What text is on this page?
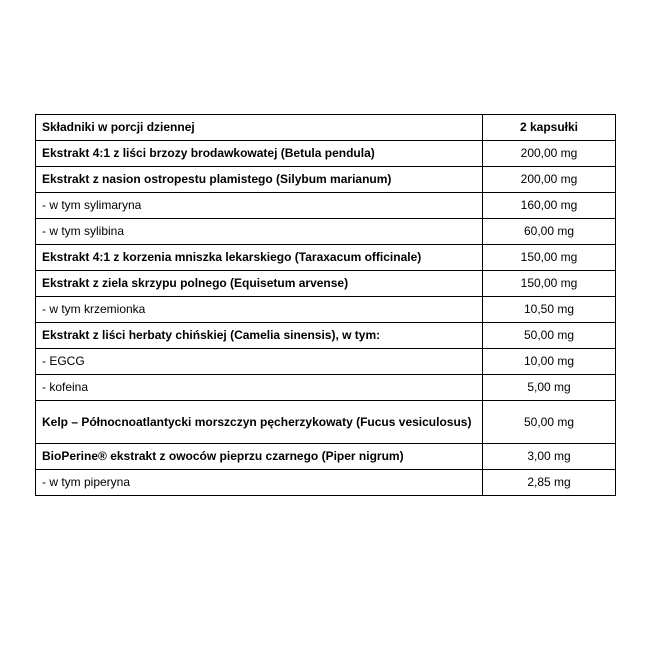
Składniki w porcji dziennej	2 kapsułki
Ekstrakt 4:1 z liści brzozy brodawkowatej (Betula pendula)	200,00 mg
Ekstrakt z nasion ostropestu plamistego (Silybum marianum)	200,00 mg
- w tym sylimaryna	160,00 mg
- w tym sylibina	60,00 mg
Ekstrakt 4:1 z korzenia mniszka lekarskiego (Taraxacum officinale)	150,00 mg
Ekstrakt z ziela skrzypu polnego (Equisetum arvense)	150,00 mg
- w tym krzemionka	10,50 mg
Ekstrakt z liści herbaty chińskiej (Camelia sinensis), w tym:	50,00 mg
- EGCG	10,00 mg
- kofeina	5,00 mg
Kelp – Północnoatlantycki morszczyn pęcherzykowaty (Fucus vesiculosus)	50,00 mg
BioPerine® ekstrakt z owoców pieprzu czarnego (Piper nigrum)	3,00 mg
- w tym piperyna	2,85 mg
